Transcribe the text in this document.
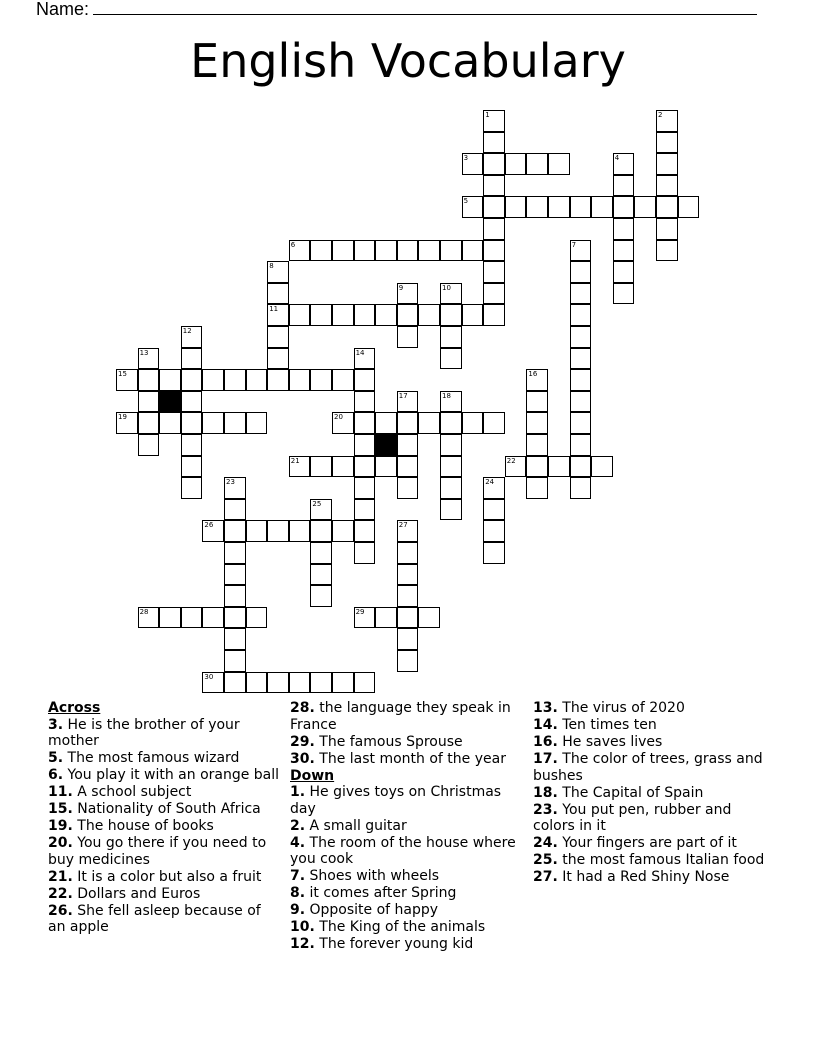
Name:
English Vocabulary
3
5
6
11
15
19	20
21	22
26
28	29
30
1	2
4
7
8
9	10
12
13	14
16
17	18
23	24
25
27
Across
3. He is the brother of your mother
5. The most famous wizard
6. You play it with an orange ball
11. A school subject
15. Nationality of South Africa
19. The house of books
20. You go there if you need to buy medicines
21. It is a color but also a fruit
22. Dollars and Euros
26. She fell asleep because of an apple
28. the language they speak in France
29. The famous Sprouse
30. The last month of the year
Down
1. He gives toys on Christmas day
2. A small guitar
4. The room of the house where you cook
7. Shoes with wheels
8. it comes after Spring
9. Opposite of happy
10. The King of the animals
12. The forever young kid
13. The virus of 2020
14. Ten times ten
16. He saves lives
17. The color of trees, grass and bushes
18. The Capital of Spain
23. You put pen, rubber and colors in it
24. Your fingers are part of it
25. the most famous Italian food
27. It had a Red Shiny Nose
